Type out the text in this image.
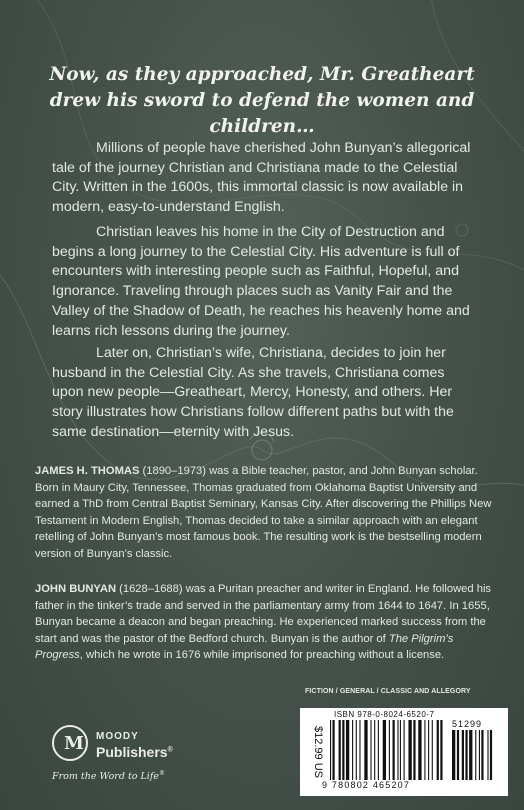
Now, as they approached, Mr. Greatheart drew his sword to defend the women and children…

Millions of people have cherished John Bunyan’s allegorical tale of the journey Christian and Christiana made to the Celestial City. Written in the 1600s, this immortal classic is now available in modern, easy-to-understand English.

Christian leaves his home in the City of Destruction and begins a long journey to the Celestial City. His adventure is full of encounters with interesting people such as Faithful, Hopeful, and Ignorance. Traveling through places such as Vanity Fair and the Valley of the Shadow of Death, he reaches his heavenly home and learns rich lessons during the journey.

Later on, Christian’s wife, Christiana, decides to join her husband in the Celestial City. As she travels, Christiana comes upon new people—Greatheart, Mercy, Honesty, and others. Her story illustrates how Christians follow different paths but with the same destination—eternity with Jesus.

JAMES H. THOMAS (1890–1973) was a Bible teacher, pastor, and John Bunyan scholar. Born in Maury City, Tennessee, Thomas graduated from Oklahoma Baptist University and earned a ThD from Central Baptist Seminary, Kansas City. After discovering the Phillips New Testament in Modern English, Thomas decided to take a similar approach with an elegant retelling of John Bunyan’s most famous book. The resulting work is the bestselling modern version of Bunyan’s classic.

JOHN BUNYAN (1628–1688) was a Puritan preacher and writer in England. He followed his father in the tinker’s trade and served in the parliamentary army from 1644 to 1647. In 1655, Bunyan became a deacon and began preaching. He experienced marked success from the start and was the pastor of the Bedford church. Bunyan is the author of The Pilgrim’s Progress, which he wrote in 1676 while imprisoned for preaching without a license.

M MOODY
Publishers®
From the Word to Life®
FICTION / GENERAL / CLASSIC AND ALLEGORY
$12.99 US
ISBN 978-0-8024-6520-7
51299
9 780802 465207
